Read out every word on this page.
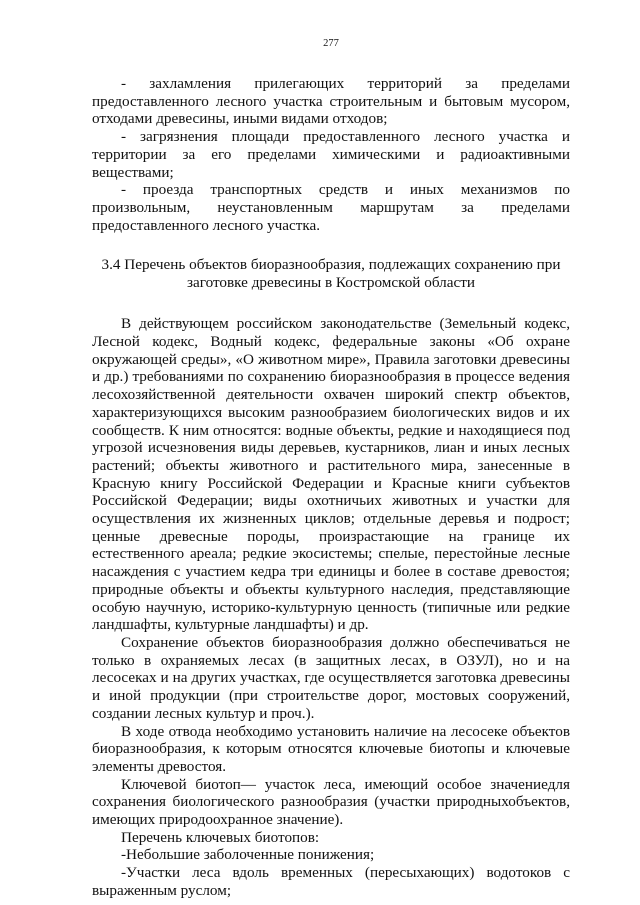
277

- захламления прилегающих территорий за пределами предоставленного лесного участка строительным и бытовым мусором, отходами древесины, иными видами отходов;

- загрязнения площади предоставленного лесного участка и территории за его пределами химическими и радиоактивными веществами;

- проезда транспортных средств и иных механизмов по произвольным, неустановленным маршрутам за пределами предоставленного лесного участка.

3.4 Перечень объектов биоразнообразия, подлежащих сохранению при заготовке древесины в Костромской области

В действующем российском законодательстве (Земельный кодекс, Лесной кодекс, Водный кодекс, федеральные законы «Об охране окружающей среды», «О животном мире», Правила заготовки древесины и др.) требованиями по сохранению биоразнообразия в процессе ведения лесохозяйственной деятельности охвачен широкий спектр объектов, характеризующихся высоким разнообразием биологических видов и их сообществ. К ним относятся: водные объекты, редкие и находящиеся под угрозой исчезновения виды деревьев, кустарников, лиан и иных лесных растений; объекты животного и растительного мира, занесенные в Красную книгу Российской Федерации и Красные книги субъектов Российской Федерации; виды охотничьих животных и участки для осуществления их жизненных циклов; отдельные деревья и подрост; ценные древесные породы, произрастающие на границе их естественного ареала; редкие экосистемы; спелые, перестойные лесные насаждения с участием кедра три единицы и более в составе древостоя; природные объекты и объекты культурного наследия, представляющие особую научную, историко-культурную ценность (типичные или редкие ландшафты, культурные ландшафты) и др.

Сохранение объектов биоразнообразия должно обеспечиваться не только в охраняемых лесах (в защитных лесах, в ОЗУЛ), но и на лесосеках и на других участках, где осуществляется заготовка древесины и иной продукции (при строительстве дорог, мостовых сооружений, создании лесных культур и проч.).

В ходе отвода необходимо установить наличие на лесосеке объектов биоразнообразия, к которым относятся ключевые биотопы и ключевые элементы древостоя.

Ключевой биотоп— участок леса, имеющий особое значениедля сохранения биологического разнообразия (участки природныхобъектов, имеющих природоохранное значение).

Перечень ключевых биотопов:

-Небольшие заболоченные понижения;

-Участки леса вдоль временных (пересыхающих) водотоков с выраженным руслом;
